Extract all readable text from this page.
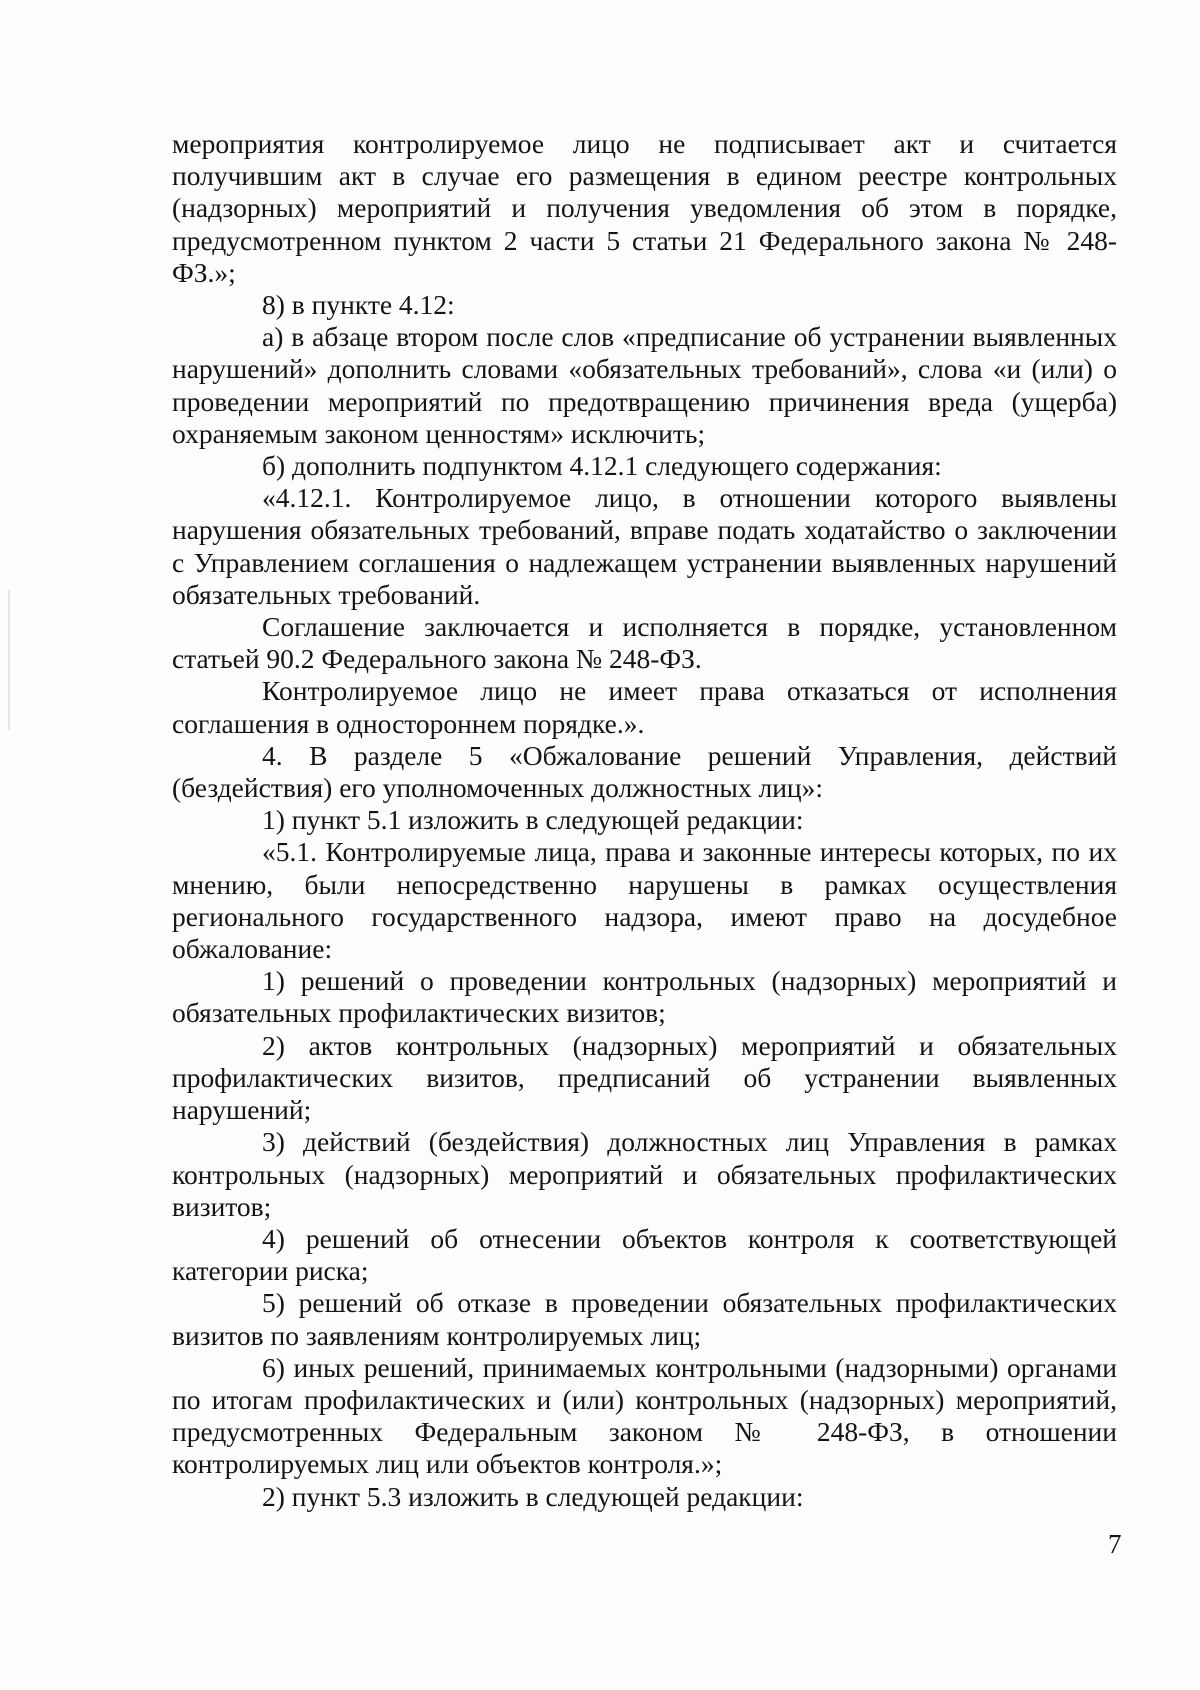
мероприятия контролируемое лицо не подписывает акт и считается получившим акт в случае его размещения в едином реестре контрольных (надзорных) мероприятий и получения уведомления об этом в порядке, предусмотренном пунктом 2 части 5 статьи 21 Федерального закона № 248-ФЗ.»;

8) в пункте 4.12:

а) в абзаце втором после слов «предписание об устранении выявленных нарушений» дополнить словами «обязательных требований», слова «и (или) о проведении мероприятий по предотвращению причинения вреда (ущерба) охраняемым законом ценностям» исключить;

б) дополнить подпунктом 4.12.1 следующего содержания:

«4.12.1. Контролируемое лицо, в отношении которого выявлены нарушения обязательных требований, вправе подать ходатайство о заключении с Управлением соглашения о надлежащем устранении выявленных нарушений обязательных требований.

Соглашение заключается и исполняется в порядке, установленном статьей 90.2 Федерального закона № 248-ФЗ.

Контролируемое лицо не имеет права отказаться от исполнения соглашения в одностороннем порядке.».

4. В разделе 5 «Обжалование решений Управления, действий (бездействия) его уполномоченных должностных лиц»:

1) пункт 5.1 изложить в следующей редакции:

«5.1. Контролируемые лица, права и законные интересы которых, по их мнению, были непосредственно нарушены в рамках осуществления регионального государственного надзора, имеют право на досудебное обжалование:

1) решений о проведении контрольных (надзорных) мероприятий и обязательных профилактических визитов;

2) актов контрольных (надзорных) мероприятий и обязательных профилактических визитов, предписаний об устранении выявленных нарушений;

3) действий (бездействия) должностных лиц Управления в рамках контрольных (надзорных) мероприятий и обязательных профилактических визитов;

4) решений об отнесении объектов контроля к соответствующей категории риска;

5) решений об отказе в проведении обязательных профилактических визитов по заявлениям контролируемых лиц;

6) иных решений, принимаемых контрольными (надзорными) органами по итогам профилактических и (или) контрольных (надзорных) мероприятий, предусмотренных Федеральным законом № 248-ФЗ, в отношении контролируемых лиц или объектов контроля.»;

2) пункт 5.3 изложить в следующей редакции:

7
